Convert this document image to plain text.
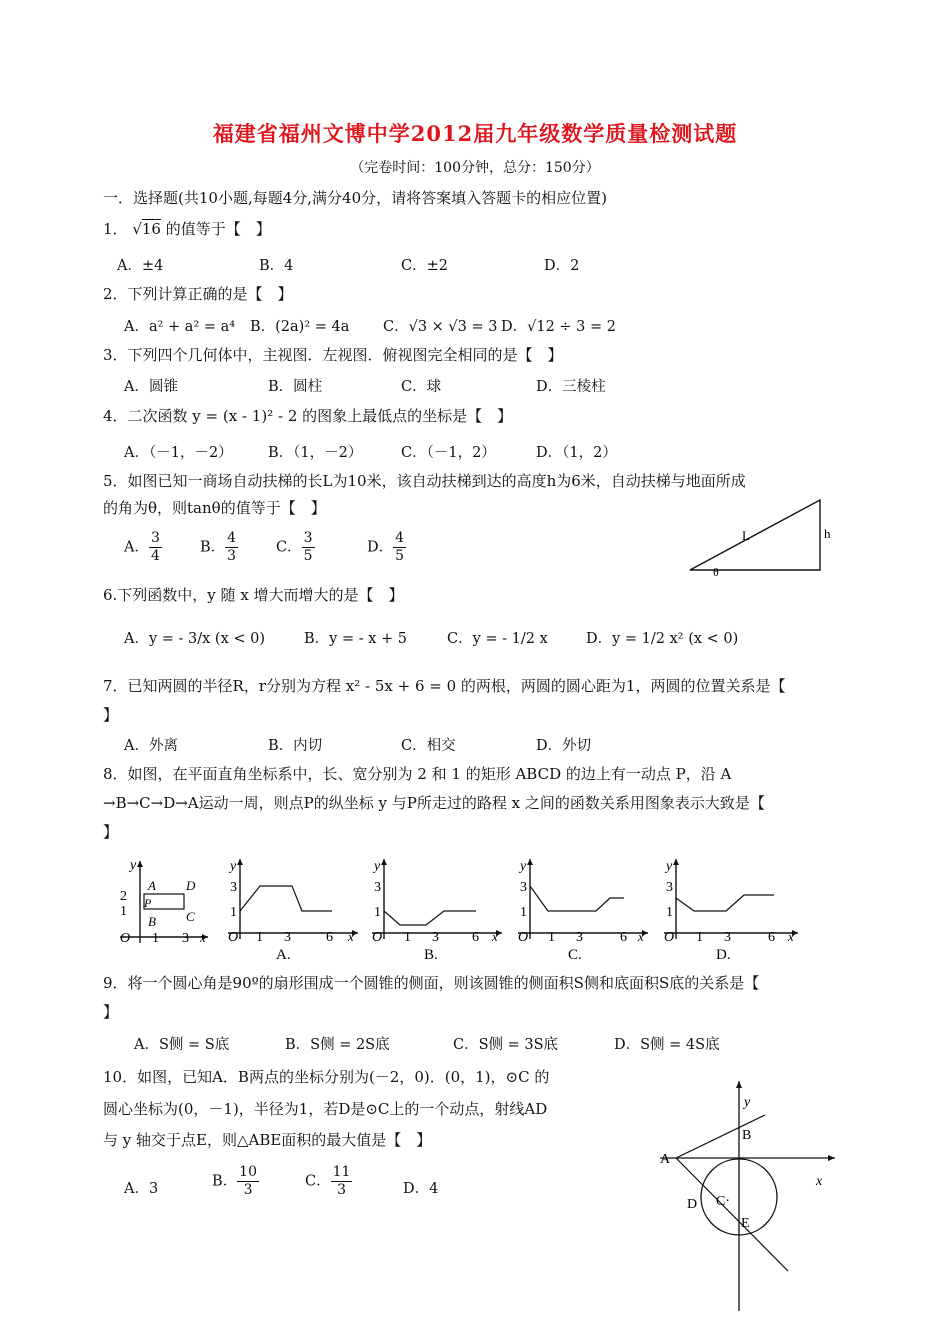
福建省福州文博中学2012届九年级数学质量检测试题
（完卷时间：100分钟，总分：150分）
一．选择题(共10小题,每题4分,满分40分，请将答案填入答题卡的相应位置)
1． √16 的值等于【　】
A．±4	B．4	C．±2	D．2
2．下列计算正确的是【　】
A．a² + a² = a⁴ B．(2a)² = 4a C．√3 × √3 = 3 D．√12 ÷ 3 = 2
3．下列四个几何体中，主视图．左视图．俯视图完全相同的是【　】
A．圆锥	B．圆柱	C．球	D．三棱柱
4．二次函数 y = (x - 1)² - 2 的图象上最低点的坐标是【　】
A．（－1，－2） B．（1，－2）	C．（－1，2）	D．（1，2）
5．如图已知一商场自动扶梯的长L为10米，该自动扶梯到达的高度h为6米，自动扶梯与地面所成
的角为θ，则tanθ的值等于【　】
A． $\frac{3}{4}$	B． $\frac{4}{3}$	C． $\frac{3}{5}$	D． $\frac{4}{5}$	L	h
θ
6.下列函数中，y 随 x 增大而增大的是【　】
A．y = - 3/x (x < 0)	B．y = - x + 5	C．y = - 1/2 x	D．y = 1/2 x² (x < 0)
7．已知两圆的半径R，r分别为方程 x² - 5x + 6 = 0 的两根，两圆的圆心距为1，两圆的位置关系是【
】
A．外离	B．内切	C．相交	D．外切
8．如图，在平面直角坐标系中，长、宽分别为 2 和 1 的矩形 ABCD 的边上有一动点 P，沿 A
→B→C→D→A运动一周，则点P的纵坐标 y 与P所走过的路程 x 之间的函数关系用图象表示大致是【
】
y
2
1
O
A D
P
B C
1 3 x
y
3
1
O 1 3	6 x
A.
y
3
1
O 1 3 6 x
B.
y
3
1
O 1 3	6 x
C.
y
3
1
O 1 3	6 x
D.
9．将一个圆心角是90º的扇形围成一个圆锥的侧面，则该圆锥的侧面积S侧和底面积S底的关系是【
】
A．S侧 = S底	B．S侧 = 2S底	C．S侧 = 3S底	D．S侧 = 4S底
10．如图，已知A．B两点的坐标分别为(－2，0)．(0，1)，⊙C 的
圆心坐标为(0，－1)，半径为1，若D是⊙C上的一个动点，射线AD
与 y 轴交于点E，则△ABE面积的最大值是【　】
A．3	B． $\frac{10}{3}$	C． $\frac{11}{3}$	D．4
y
B
A
x
C·
D
E
